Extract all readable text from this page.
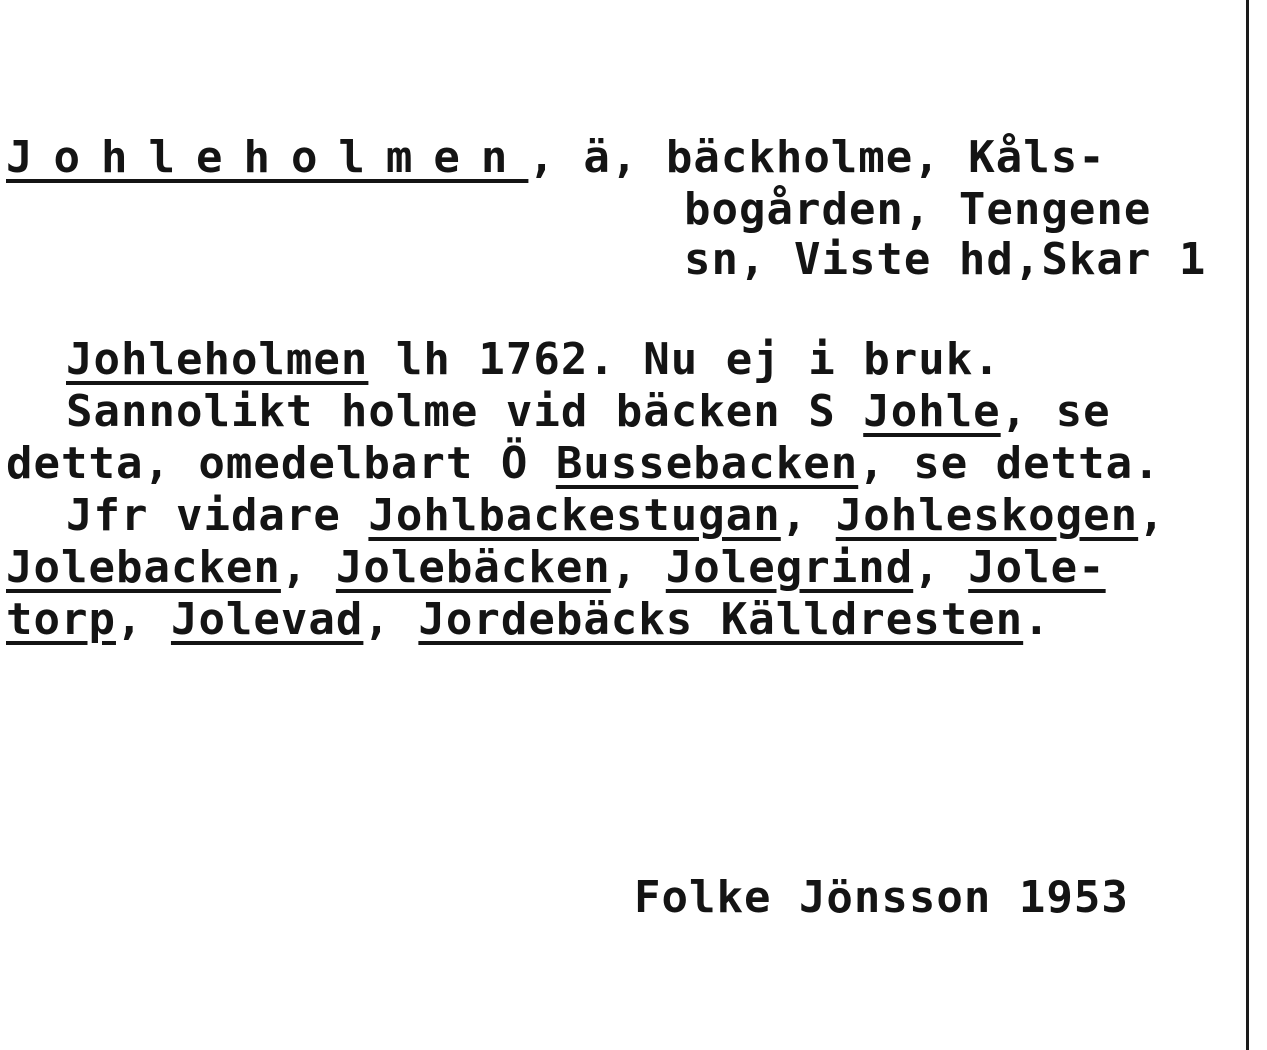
Johleholmen, ä, bäckholme, Kåls-
bogården, Tengene
sn, Viste hd,Skar 1
Johleholmen lh 1762. Nu ej i bruk.
Sannolikt holme vid bäcken S Johle, se
detta, omedelbart Ö Bussebacken, se detta.
Jfr vidare Johlbackestugan, Johleskogen,
Jolebacken, Jolebäcken, Jolegrind, Jole-
torp, Jolevad, Jordebäcks Källdresten.
Folke Jönsson 1953
